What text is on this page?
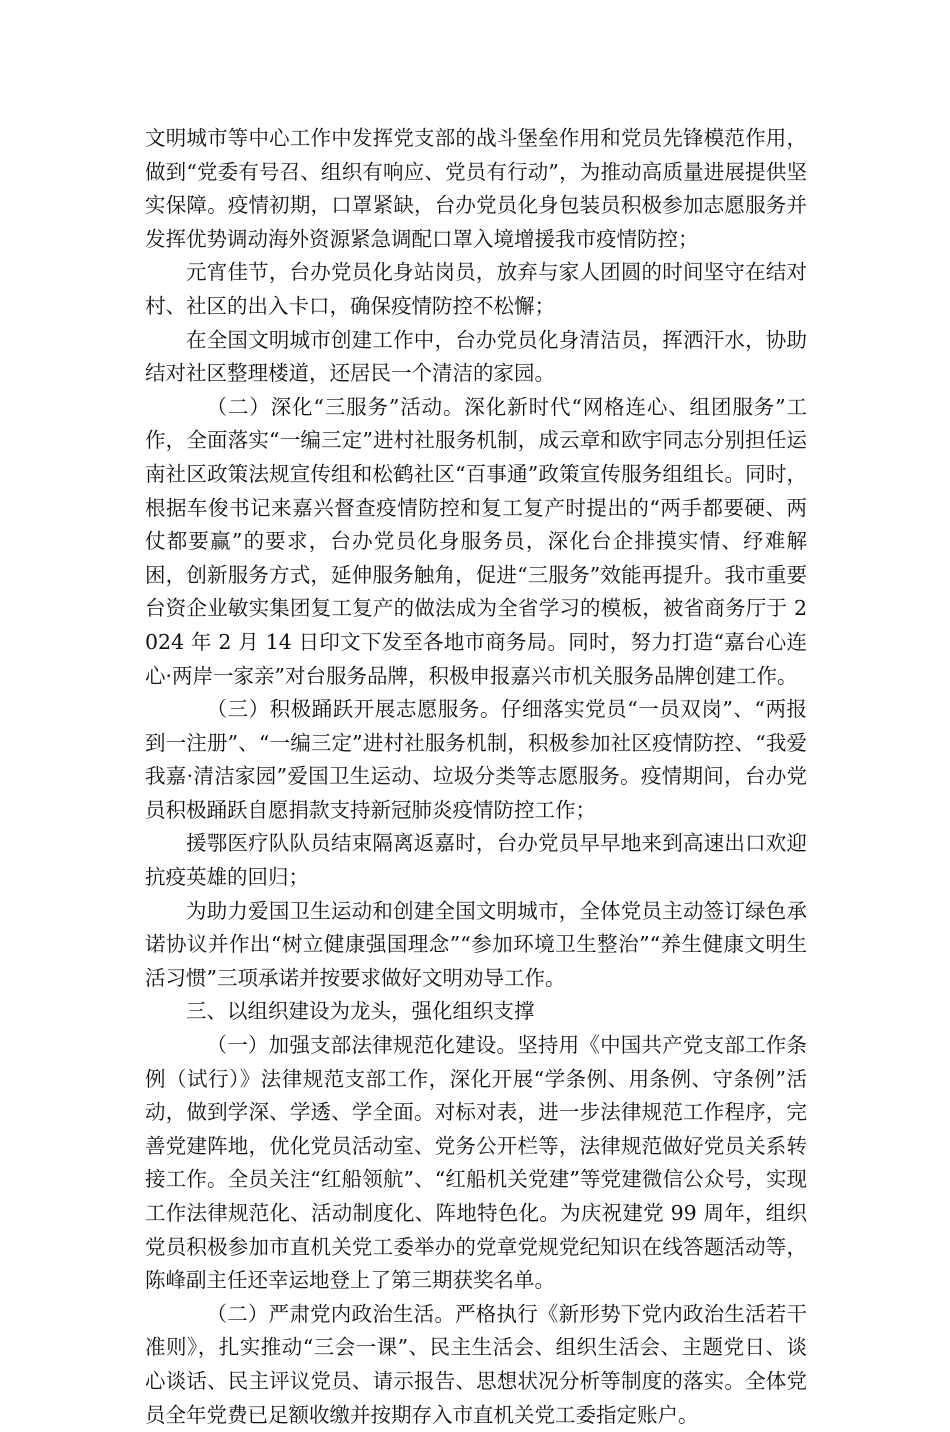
文明城市等中心工作中发挥党支部的战斗堡垒作用和党员先锋模范作用，做到“党委有号召、组织有响应、党员有行动”，为推动高质量进展提供坚实保障。疫情初期，口罩紧缺，台办党员化身包装员积极参加志愿服务并发挥优势调动海外资源紧急调配口罩入境增援我市疫情防控；

元宵佳节，台办党员化身站岗员，放弃与家人团圆的时间坚守在结对村、社区的出入卡口，确保疫情防控不松懈；

在全国文明城市创建工作中，台办党员化身清洁员，挥洒汗水，协助结对社区整理楼道，还居民一个清洁的家园。

（二）深化“三服务”活动。深化新时代“网格连心、组团服务”工作，全面落实“一编三定”进村社服务机制，成云章和欧宇同志分别担任运南社区政策法规宣传组和松鹤社区“百事通”政策宣传服务组组长。同时，根据车俊书记来嘉兴督查疫情防控和复工复产时提出的“两手都要硬、两仗都要赢”的要求，台办党员化身服务员，深化台企排摸实情、纾难解困，创新服务方式，延伸服务触角，促进“三服务”效能再提升。我市重要台资企业敏实集团复工复产的做法成为全省学习的模板，被省商务厅于 2024 年 2 月 14 日印文下发至各地市商务局。同时，努力打造“嘉台心连心·两岸一家亲”对台服务品牌，积极申报嘉兴市机关服务品牌创建工作。

（三）积极踊跃开展志愿服务。仔细落实党员“一员双岗”、“两报到一注册”、“一编三定”进村社服务机制，积极参加社区疫情防控、“我爱我嘉·清洁家园”爱国卫生运动、垃圾分类等志愿服务。疫情期间，台办党员积极踊跃自愿捐款支持新冠肺炎疫情防控工作；

援鄂医疗队队员结束隔离返嘉时，台办党员早早地来到高速出口欢迎抗疫英雄的回归；

为助力爱国卫生运动和创建全国文明城市，全体党员主动签订绿色承诺协议并作出“树立健康强国理念”“参加环境卫生整治”“养生健康文明生活习惯”三项承诺并按要求做好文明劝导工作。

三、以组织建设为龙头，强化组织支撑

（一）加强支部法律规范化建设。坚持用《中国共产党支部工作条例（试行）》法律规范支部工作，深化开展“学条例、用条例、守条例”活动，做到学深、学透、学全面。对标对表，进一步法律规范工作程序，完善党建阵地，优化党员活动室、党务公开栏等，法律规范做好党员关系转接工作。全员关注“红船领航”、“红船机关党建”等党建微信公众号，实现工作法律规范化、活动制度化、阵地特色化。为庆祝建党 99 周年，组织党员积极参加市直机关党工委举办的党章党规党纪知识在线答题活动等，陈峰副主任还幸运地登上了第三期获奖名单。

（二）严肃党内政治生活。严格执行《新形势下党内政治生活若干准则》，扎实推动“三会一课”、民主生活会、组织生活会、主题党日、谈心谈话、民主评议党员、请示报告、思想状况分析等制度的落实。全体党员全年党费已足额收缴并按期存入市直机关党工委指定账户。
